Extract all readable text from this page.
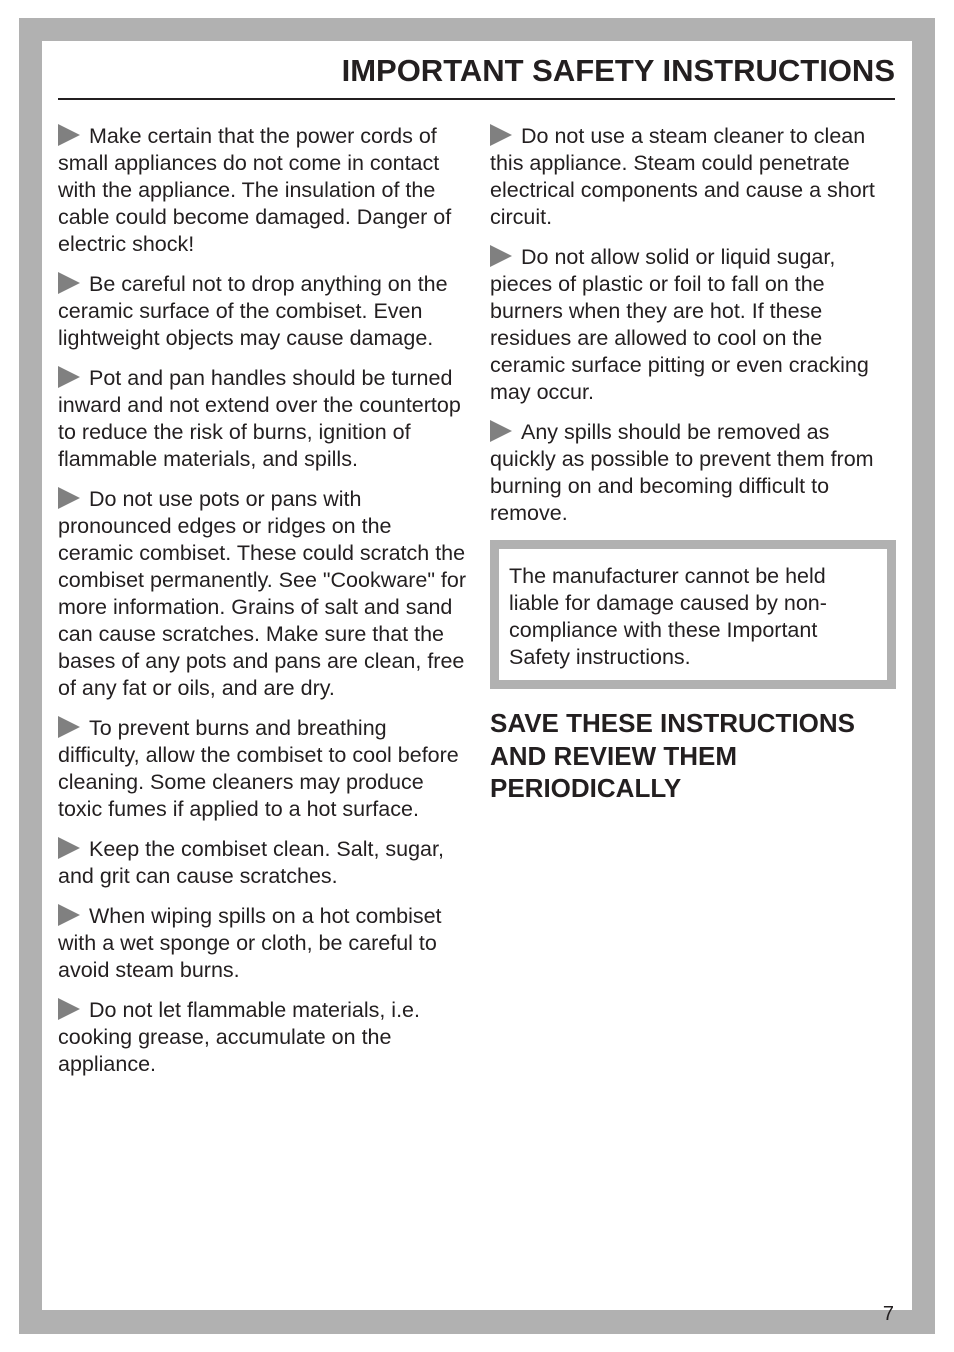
IMPORTANT SAFETY INSTRUCTIONS

Make certain that the power cords of small appliances do not come in contact with the appliance. The insulation of the cable could become damaged. Danger of electric shock!

Be careful not to drop anything on the ceramic surface of the combiset. Even lightweight objects may cause damage.

Pot and pan handles should be turned inward and not extend over the countertop to reduce the risk of burns, ignition of flammable materials, and spills.

Do not use pots or pans with pronounced edges or ridges on the ceramic combiset. These could scratch the combiset permanently. See "Cookware" for more information. Grains of salt and sand can cause scratches. Make sure that the bases of any pots and pans are clean, free of any fat or oils, and are dry.

To prevent burns and breathing difficulty, allow the combiset to cool before cleaning. Some cleaners may produce toxic fumes if applied to a hot surface.

Keep the combiset clean. Salt, sugar, and grit can cause scratches.

When wiping spills on a hot combiset with a wet sponge or cloth, be careful to avoid steam burns.

Do not let flammable materials, i.e. cooking grease, accumulate on the appliance.

Do not use a steam cleaner to clean this appliance. Steam could penetrate electrical components and cause a short circuit.

Do not allow solid or liquid sugar, pieces of plastic or foil to fall on the burners when they are hot. If these residues are allowed to cool on the ceramic surface pitting or even cracking may occur.

Any spills should be removed as quickly as possible to prevent them from burning on and becoming difficult to remove.

The manufacturer cannot be held liable for damage caused by non-compliance with these Important Safety instructions.
SAVE THESE INSTRUCTIONS AND REVIEW THEM PERIODICALLY
7
